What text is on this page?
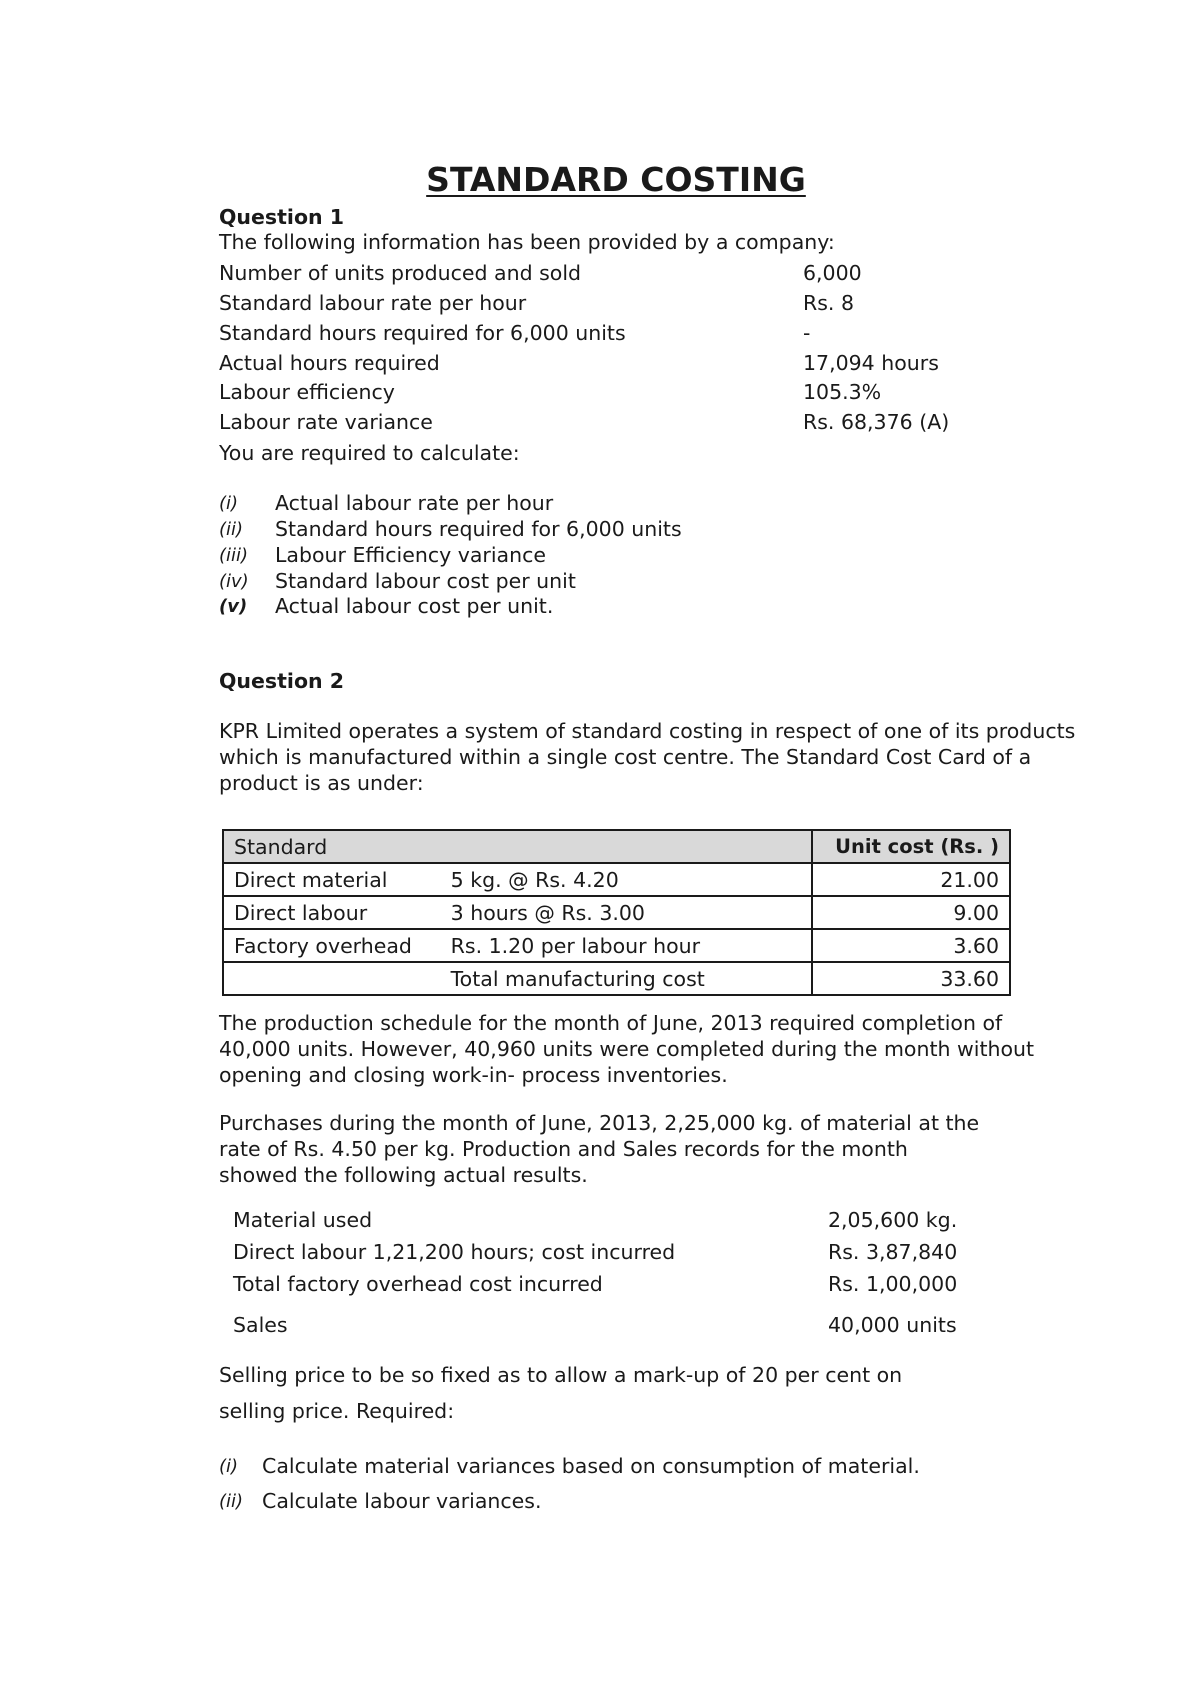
STANDARD COSTING
Question 1
The following information has been provided by a company:
Number of units produced and sold	6,000
Standard labour rate per hour	Rs. 8
Standard hours required for 6,000 units	-
Actual hours required	17,094 hours
Labour efficiency	105.3%
Labour rate variance	Rs. 68,376 (A)
You are required to calculate:
(i) Actual labour rate per hour
(ii) Standard hours required for 6,000 units
(iii) Labour Efficiency variance
(iv) Standard labour cost per unit
(v) Actual labour cost per unit.
Question 2
KPR Limited operates a system of standard costing in respect of one of its products
which is manufactured within a single cost centre. The Standard Cost Card of a
product is as under:
Standard		Unit cost (Rs. )
Direct material	5 kg. @ Rs. 4.20	21.00
Direct labour	3 hours @ Rs. 3.00	9.00
Factory overhead	Rs. 1.20 per labour hour	3.60
	Total manufacturing cost	33.60
The production schedule for the month of June, 2013 required completion of
40,000 units. However, 40,960 units were completed during the month without
opening and closing work-in- process inventories.
Purchases during the month of June, 2013, 2,25,000 kg. of material at the
rate of Rs. 4.50 per kg. Production and Sales records for the month
showed the following actual results.
Material used	2,05,600 kg.
Direct labour 1,21,200 hours; cost incurred	Rs. 3,87,840
Total factory overhead cost incurred	Rs. 1,00,000
Sales	40,000 units
Selling price to be so fixed as to allow a mark-up of 20 per cent on
selling price. Required:
(i) Calculate material variances based on consumption of material.
(ii) Calculate labour variances.
